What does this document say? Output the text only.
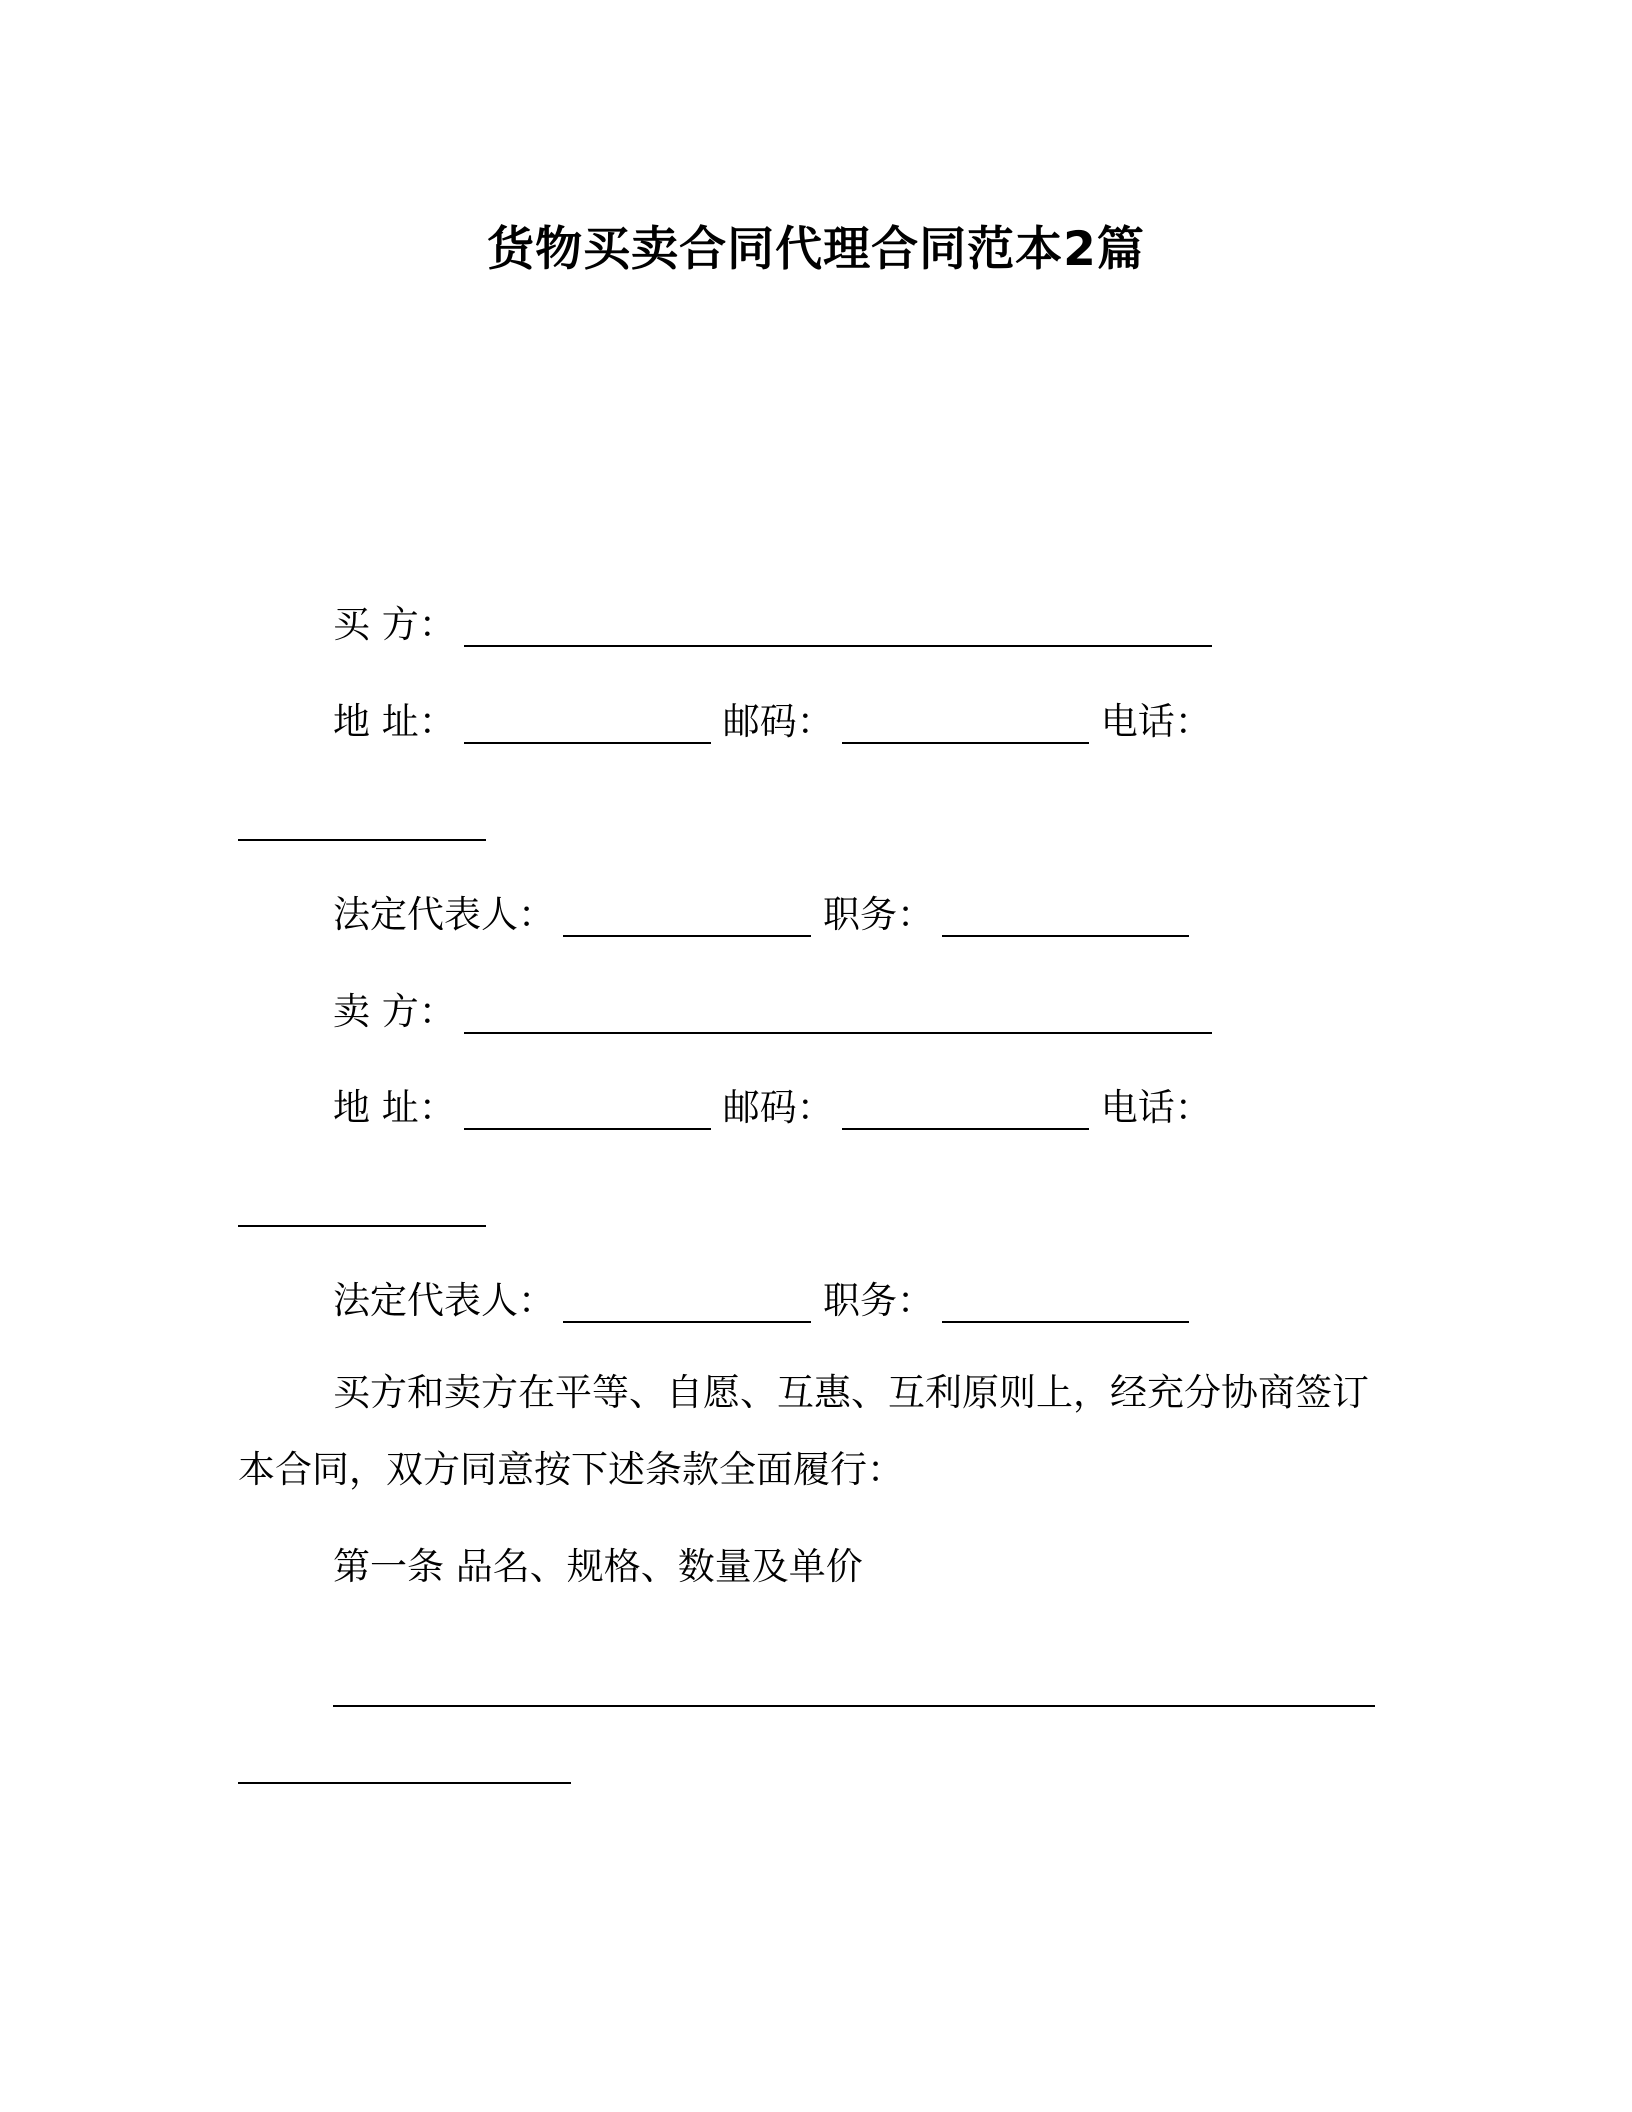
货物买卖合同代理合同范本2篇
买 方：
地 址：	邮码：	电话：
法定代表人：	职务：
卖 方：
地 址：	邮码：	电话：
法定代表人：	职务：
买方和卖方在平等、自愿、互惠、互利原则上，经充分协商签订
本合同，双方同意按下述条款全面履行：
第一条 品名、规格、数量及单价
